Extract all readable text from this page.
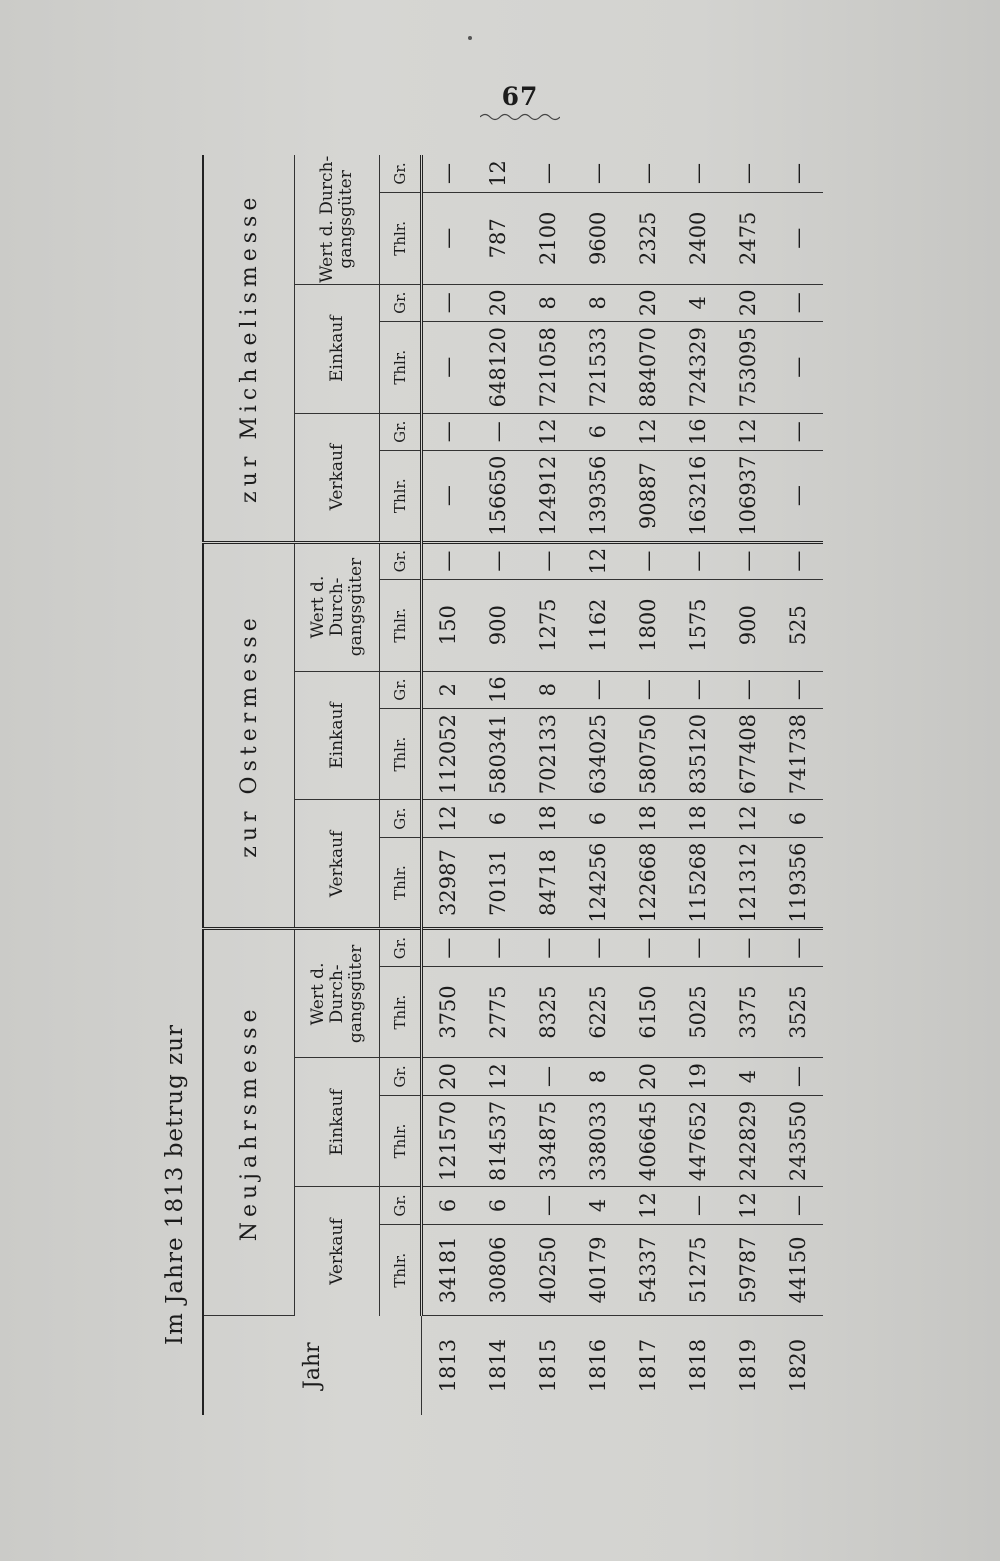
67
Im Jahre 1813 betrug zur
Jahr	Neujahrsmesse						zur Ostermesse						zur Michaelismesse					
	Verkauf		Einkauf		Wert d. Durch-gangsgüter		Verkauf		Einkauf		Wert d. Durch-gangsgüter		Verkauf		Einkauf		Wert d. Durch-gangsgüter	
	Thlr.	Gr.	Thlr.	Gr.	Thlr.	Gr.	Thlr.	Gr.	Thlr.	Gr.	Thlr.	Gr.	Thlr.	Gr.	Thlr.	Gr.	Thlr.	Gr.
1813	34181	6	121570	20	3750	—	32987	12	112052	2	150	—	—	—	—	—	—	—
1814	30806	6	814537	12	2775	—	70131	6	580341	16	900	—	156650	—	648120	20	787	12
1815	40250	—	334875	—	8325	—	84718	18	702133	8	1275	—	124912	12	721058	8	2100	—
1816	40179	4	338033	8	6225	—	124256	6	634025	—	1162	12	139356	6	721533	8	9600	—
1817	54337	12	406645	20	6150	—	122668	18	580750	—	1800	—	90887	12	884070	20	2325	—
1818	51275	—	447652	19	5025	—	115268	18	835120	—	1575	—	163216	16	724329	4	2400	—
1819	59787	12	242829	4	3375	—	121312	12	677408	—	900	—	106937	12	753095	20	2475	—
1820	44150	—	243550	—	3525	—	119356	6	741738	—	525	—	—	—	—	—	—	—
